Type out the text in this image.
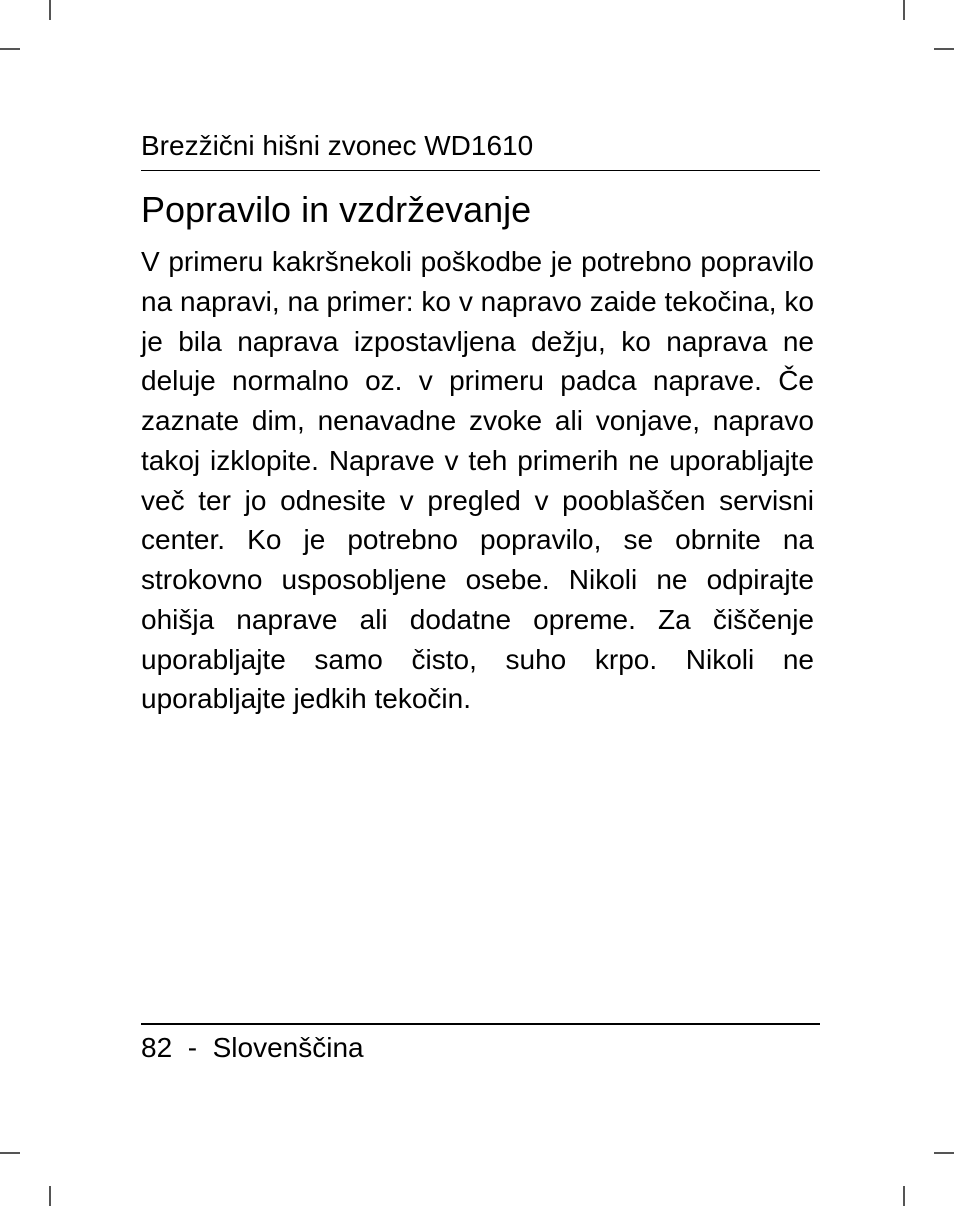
Brezžični hišni zvonec WD1610
Popravilo in vzdrževanje

V primeru kakršnekoli poškodbe je potrebno popravilo na napravi, na primer: ko v napravo zaide tekočina, ko je bila naprava izpostavljena dežju, ko naprava ne deluje normalno oz. v primeru padca naprave. Če zaznate dim, nenavadne zvoke ali vonjave, napravo takoj izklopite. Naprave v teh primerih ne uporabljajte več ter jo odnesite v pregled v pooblaščen servisni center. Ko je potrebno popravilo, se obrnite na strokovno usposobljene osebe. Nikoli ne odpirajte ohišja naprave ali dodatne opreme. Za čiščenje uporabljajte samo čisto, suho krpo. Nikoli ne uporabljajte jedkih tekočin.

82 - Slovenščina
